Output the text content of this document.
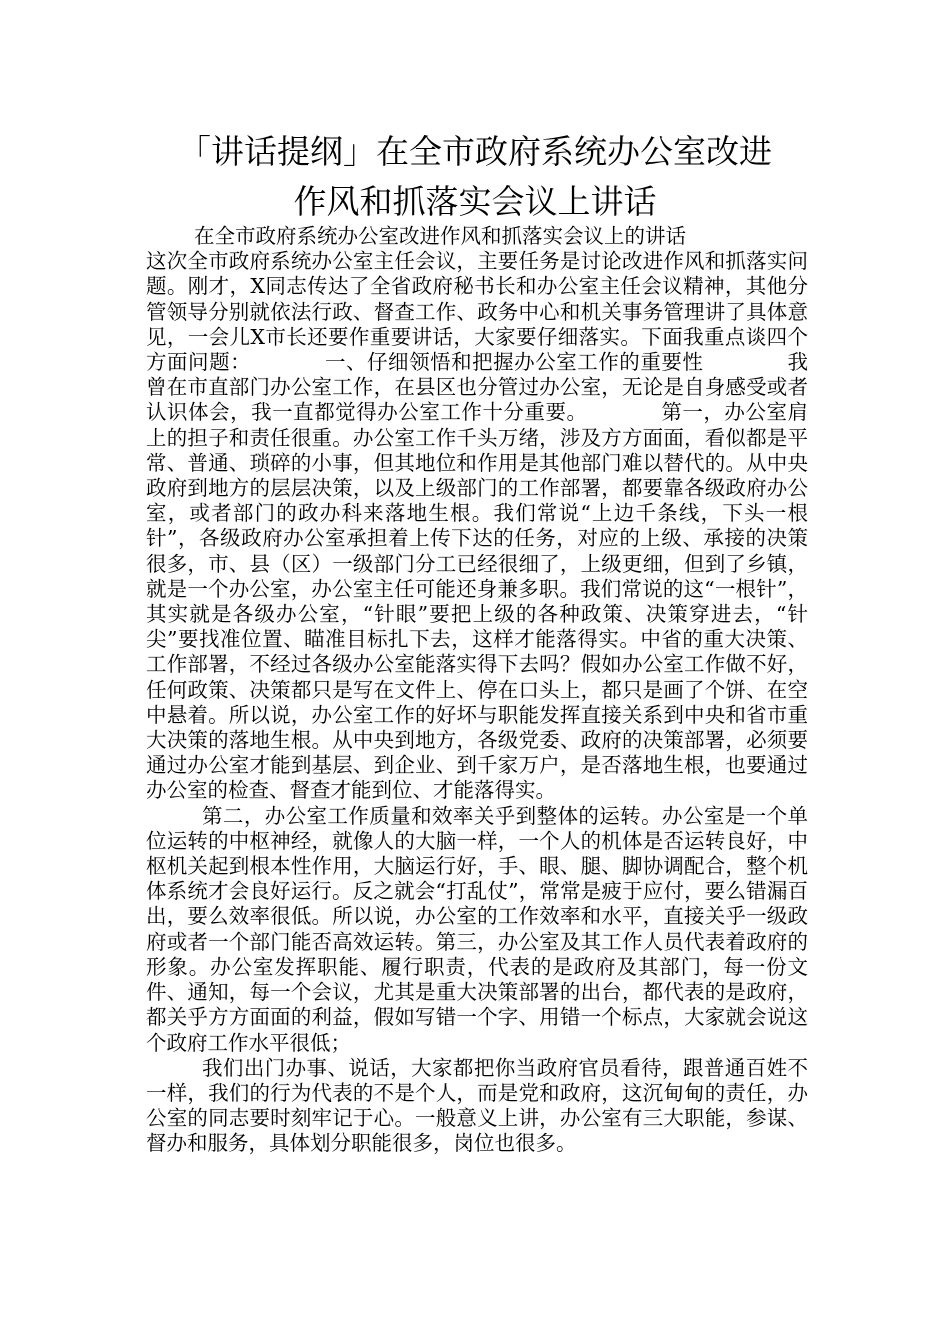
「讲话提纲」在全市政府系统办公室改进
作风和抓落实会议上讲话

在全市政府系统办公室改进作风和抓落实会议上的讲话

这次全市政府系统办公室主任会议，主要任务是讨论改进作风和抓落实问题。刚才，X同志传达了全省政府秘书长和办公室主任会议精神，其他分管领导分别就依法行政、督查工作、政务中心和机关事务管理讲了具体意见，一会儿X市长还要作重要讲话，大家要仔细落实。下面我重点谈四个方面问题：　　　　一、仔细领悟和把握办公室工作的重要性　　　　我曾在市直部门办公室工作，在县区也分管过办公室，无论是自身感受或者认识体会，我一直都觉得办公室工作十分重要。　　　　第一，办公室肩上的担子和责任很重。办公室工作千头万绪，涉及方方面面，看似都是平常、普通、琐碎的小事，但其地位和作用是其他部门难以替代的。从中央政府到地方的层层决策，以及上级部门的工作部署，都要靠各级政府办公室，或者部门的政办科来落地生根。我们常说“上边千条线，下头一根针”，各级政府办公室承担着上传下达的任务，对应的上级、承接的决策很多，市、县（区）一级部门分工已经很细了，上级更细，但到了乡镇，就是一个办公室，办公室主任可能还身兼多职。我们常说的这“一根针”，其实就是各级办公室，“针眼”要把上级的各种政策、决策穿进去，“针尖”要找准位置、瞄准目标扎下去，这样才能落得实。中省的重大决策、工作部署，不经过各级办公室能落实得下去吗？假如办公室工作做不好，任何政策、决策都只是写在文件上、停在口头上，都只是画了个饼、在空中悬着。所以说，办公室工作的好坏与职能发挥直接关系到中央和省市重大决策的落地生根。从中央到地方，各级党委、政府的决策部署，必须要通过办公室才能到基层、到企业、到千家万户，是否落地生根，也要通过办公室的检查、督查才能到位、才能落得实。

第二，办公室工作质量和效率关乎到整体的运转。办公室是一个单位运转的中枢神经，就像人的大脑一样，一个人的机体是否运转良好，中枢机关起到根本性作用，大脑运行好，手、眼、腿、脚协调配合，整个机体系统才会良好运行。反之就会“打乱仗”，常常是疲于应付，要么错漏百出，要么效率很低。所以说，办公室的工作效率和水平，直接关乎一级政府或者一个部门能否高效运转。第三，办公室及其工作人员代表着政府的形象。办公室发挥职能、履行职责，代表的是政府及其部门，每一份文件、通知，每一个会议，尤其是重大决策部署的出台，都代表的是政府，都关乎方方面面的利益，假如写错一个字、用错一个标点，大家就会说这个政府工作水平很低；

我们出门办事、说话，大家都把你当政府官员看待，跟普通百姓不一样，我们的行为代表的不是个人，而是党和政府，这沉甸甸的责任，办公室的同志要时刻牢记于心。一般意义上讲，办公室有三大职能，参谋、督办和服务，具体划分职能很多，岗位也很多。
